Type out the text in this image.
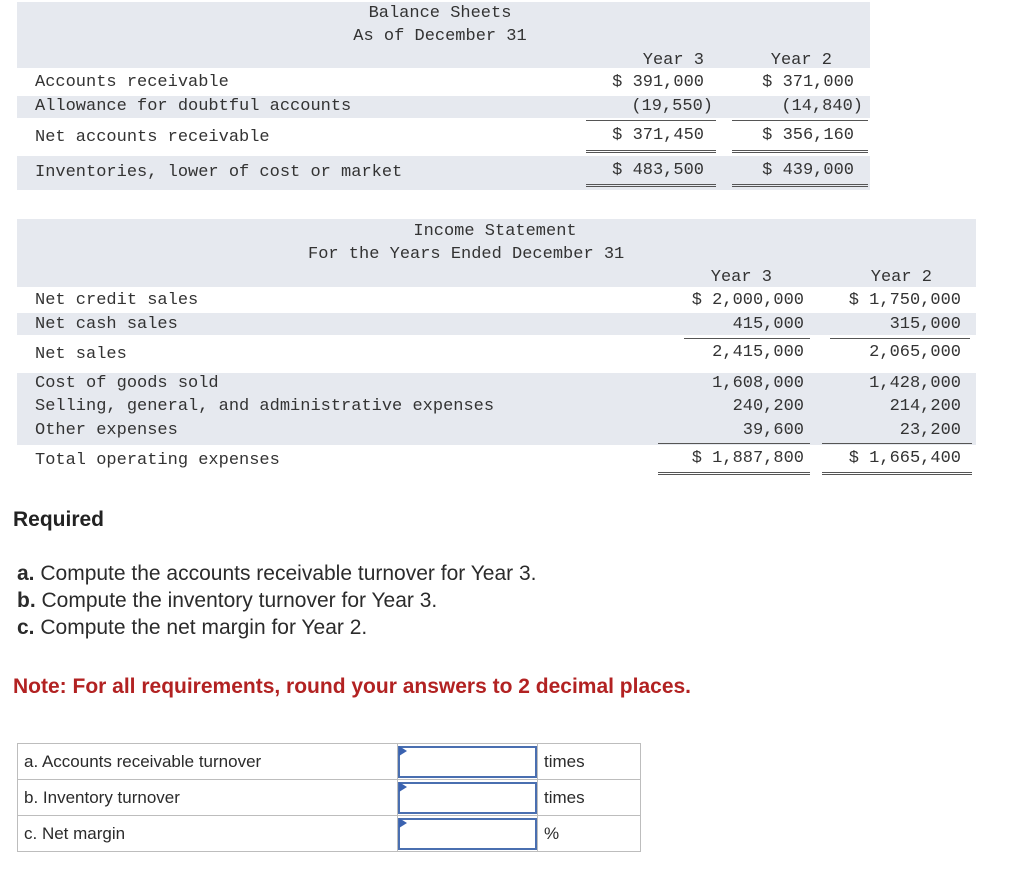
Balance Sheets
As of December 31
Year 3	Year 2
Accounts receivable	$ 391,000	$ 371,000
Allowance for doubtful accounts	(19,550)	(14,840)
Net accounts receivable	$ 371,450	$ 356,160
Inventories, lower of cost or market	$ 483,500	$ 439,000
Income Statement
For the Years Ended December 31
Year 3	Year 2
Net credit sales	$ 2,000,000	$ 1,750,000
Net cash sales	415,000	315,000
Net sales	2,415,000	2,065,000
Cost of goods sold	1,608,000	1,428,000
Selling, general, and administrative expenses	240,200	214,200
Other expenses	39,600	23,200
Total operating expenses	$ 1,887,800	$ 1,665,400
Required
a. Compute the accounts receivable turnover for Year 3.
b. Compute the inventory turnover for Year 3.
c. Compute the net margin for Year 2.
Note: For all requirements, round your answers to 2 decimal places.
a. Accounts receivable turnover		times
b. Inventory turnover		times
c. Net margin		%
